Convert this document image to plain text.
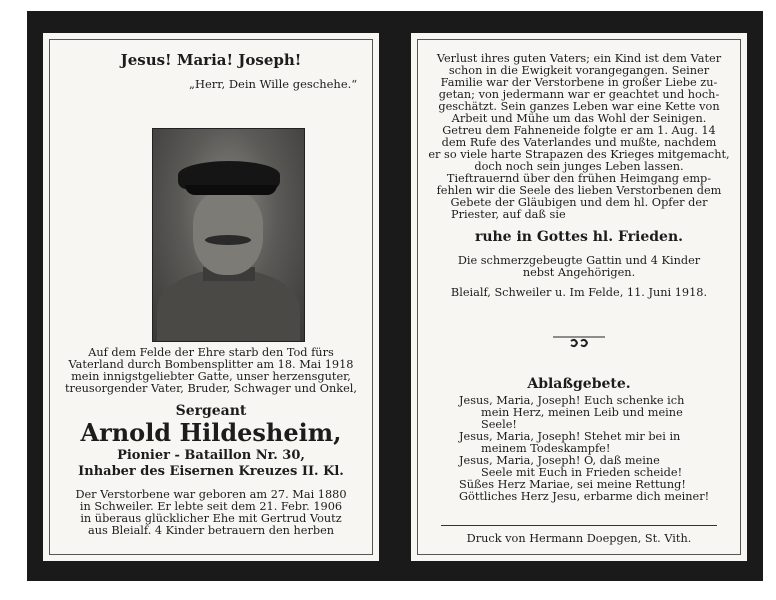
Jesus! Maria! Joseph!
„Herr, Dein Wille geschehe.“
Auf dem Felde der Ehre starb den Tod fürs
Vaterland durch Bombensplitter am 18. Mai 1918
mein innigstgeliebter Gatte, unser herzensguter,
treusorgender Vater, Bruder, Schwager und Onkel,
Sergeant
Arnold Hildesheim,
Pionier - Bataillon Nr. 30,
Inhaber des Eisernen Kreuzes II. Kl.
Der Verstorbene war geboren am 27. Mai 1880
in Schweiler. Er lebte seit dem 21. Febr. 1906
in überaus glücklicher Ehe mit Gertrud Voutz
aus Bleialf. 4 Kinder betrauern den herben
Verlust ihres guten Vaters; ein Kind ist dem Vater
schon in die Ewigkeit vorangegangen. Seiner
Familie war der Verstorbene in großer Liebe zu-
getan; von jedermann war er geachtet und hoch-
geschätzt. Sein ganzes Leben war eine Kette von
Arbeit und Mühe um das Wohl der Seinigen.
Getreu dem Fahneneide folgte er am 1. Aug. 14
dem Rufe des Vaterlandes und mußte, nachdem
er so viele harte Strapazen des Krieges mitgemacht,
doch noch sein junges Leben lassen.
Tieftrauernd über den frühen Heimgang emp-
fehlen wir die Seele des lieben Verstorbenen dem
Gebete der Gläubigen und dem hl. Opfer der
Priester, auf daß sie
ruhe in Gottes hl. Frieden.
Die schmerzgebeugte Gattin und 4 Kinder
nebst Angehörigen.
Bleialf, Schweiler u. Im Felde, 11. Juni 1918.
Ablaßgebete.
Jesus, Maria, Joseph! Euch schenke ich
mein Herz, meinen Leib und meine
Seele!
Jesus, Maria, Joseph! Stehet mir bei in
meinem Todeskampfe!
Jesus, Maria, Joseph! O, daß meine
Seele mit Euch in Frieden scheide!
Süßes Herz Mariae, sei meine Rettung!
Göttliches Herz Jesu, erbarme dich meiner!
Druck von Hermann Doepgen, St. Vith.
